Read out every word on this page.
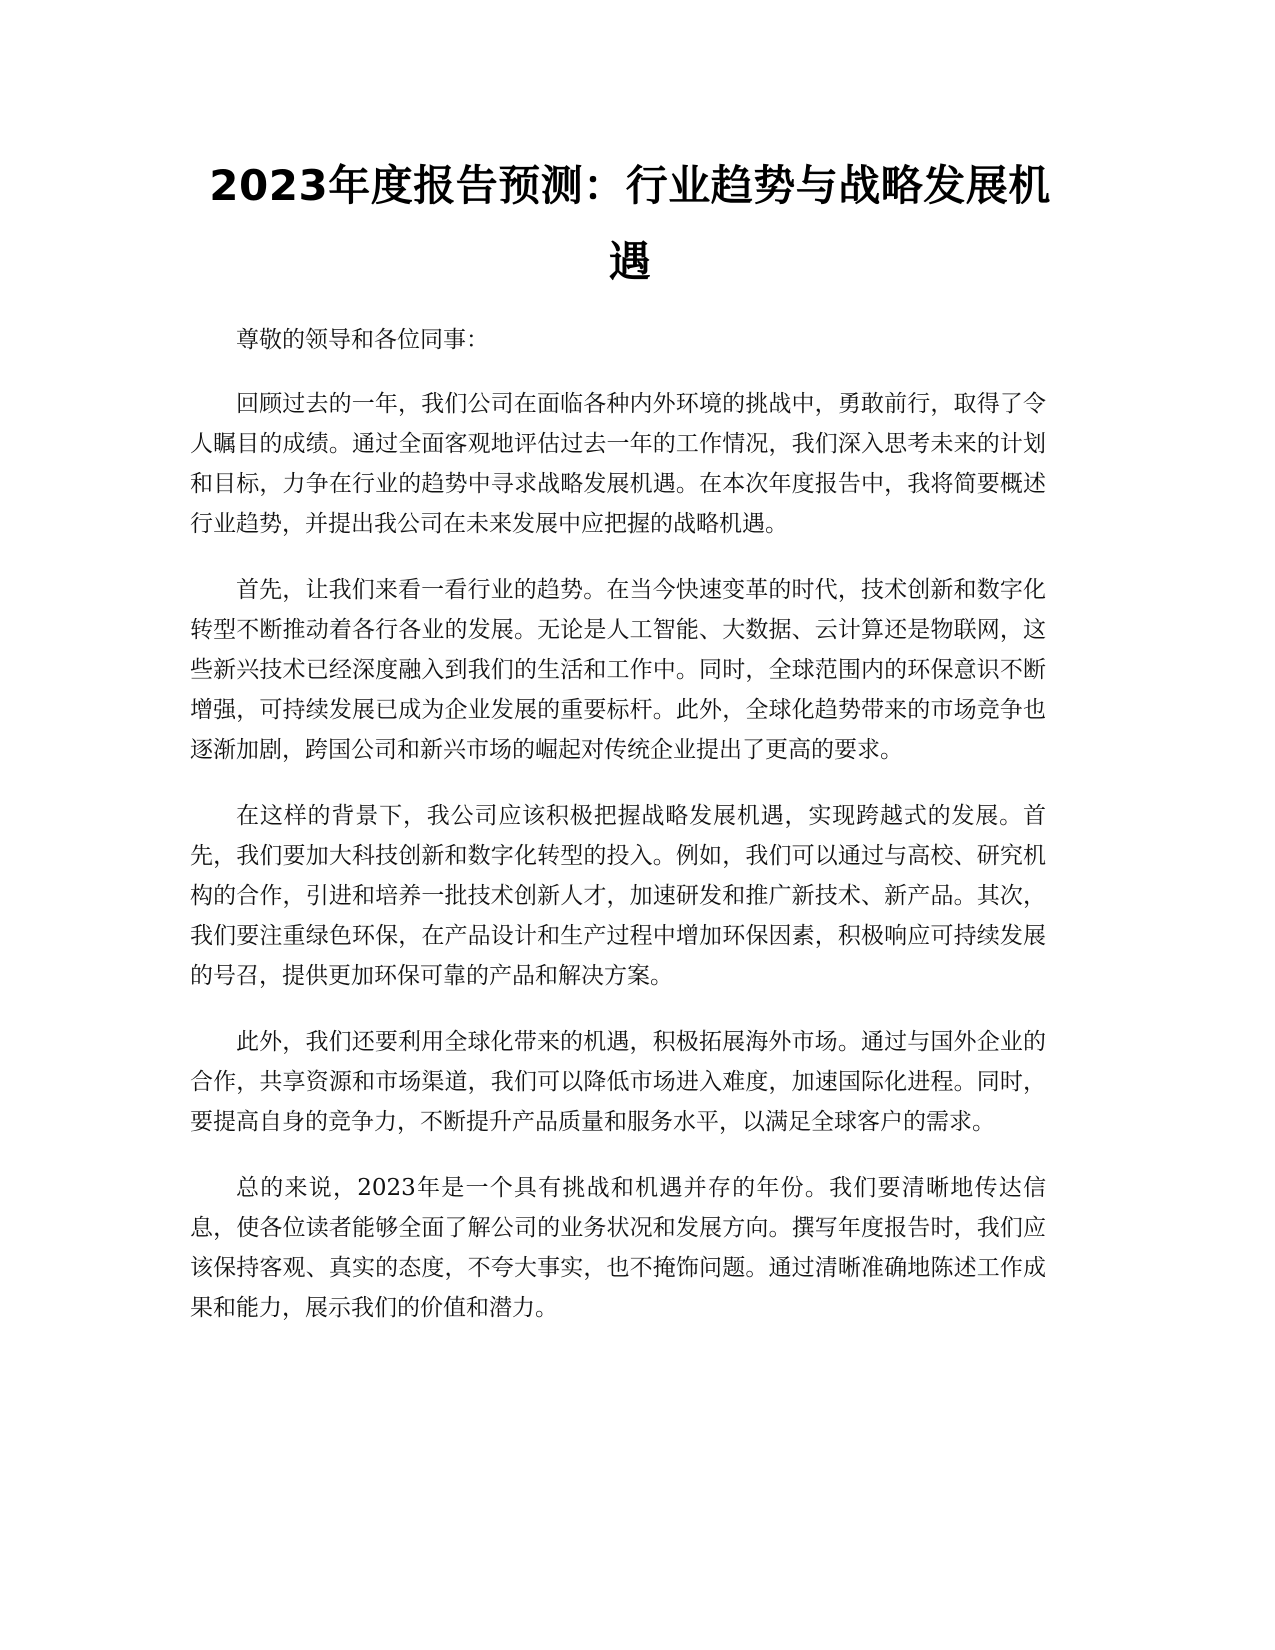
2023年度报告预测：行业趋势与战略发展机遇

尊敬的领导和各位同事：

回顾过去的一年，我们公司在面临各种内外环境的挑战中，勇敢前行，取得了令人瞩目的成绩。通过全面客观地评估过去一年的工作情况，我们深入思考未来的计划和目标，力争在行业的趋势中寻求战略发展机遇。在本次年度报告中，我将简要概述行业趋势，并提出我公司在未来发展中应把握的战略机遇。

首先，让我们来看一看行业的趋势。在当今快速变革的时代，技术创新和数字化转型不断推动着各行各业的发展。无论是人工智能、大数据、云计算还是物联网，这些新兴技术已经深度融入到我们的生活和工作中。同时，全球范围内的环保意识不断增强，可持续发展已成为企业发展的重要标杆。此外，全球化趋势带来的市场竞争也逐渐加剧，跨国公司和新兴市场的崛起对传统企业提出了更高的要求。

在这样的背景下，我公司应该积极把握战略发展机遇，实现跨越式的发展。首先，我们要加大科技创新和数字化转型的投入。例如，我们可以通过与高校、研究机构的合作，引进和培养一批技术创新人才，加速研发和推广新技术、新产品。其次，我们要注重绿色环保，在产品设计和生产过程中增加环保因素，积极响应可持续发展的号召，提供更加环保可靠的产品和解决方案。

此外，我们还要利用全球化带来的机遇，积极拓展海外市场。通过与国外企业的合作，共享资源和市场渠道，我们可以降低市场进入难度，加速国际化进程。同时，要提高自身的竞争力，不断提升产品质量和服务水平，以满足全球客户的需求。

总的来说，2023年是一个具有挑战和机遇并存的年份。我们要清晰地传达信息，使各位读者能够全面了解公司的业务状况和发展方向。撰写年度报告时，我们应该保持客观、真实的态度，不夸大事实，也不掩饰问题。通过清晰准确地陈述工作成果和能力，展示我们的价值和潜力。
